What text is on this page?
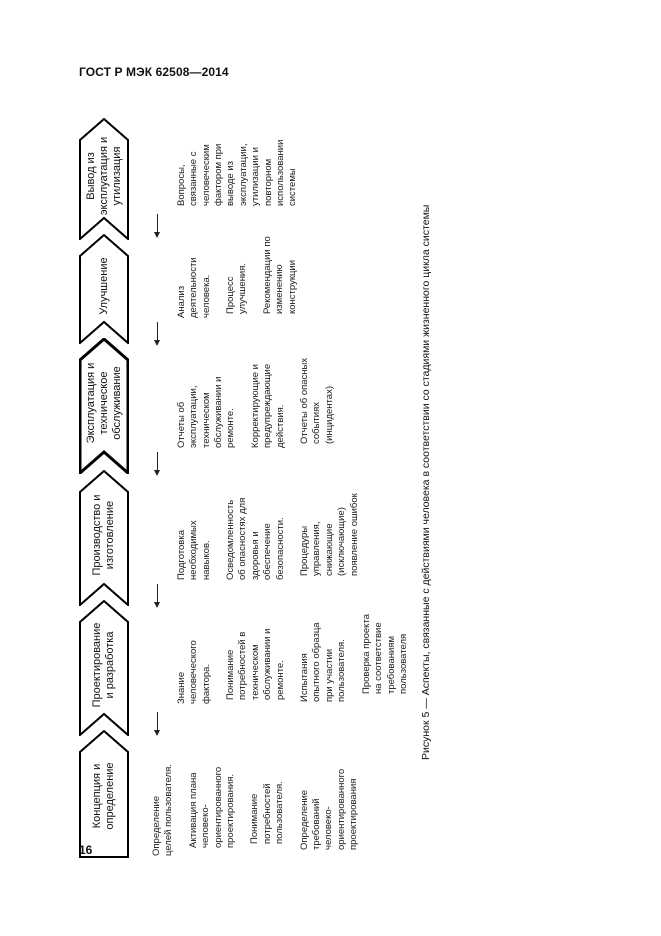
ГОСТ Р МЭК 62508—2014
Концепция и
определение	Определение
целей пользователя. Активация плана
человеко-
ориентированного
проектирования. Понимание
потребностей
пользователя. Определение
требований
человеко-
ориентированного
проектирования
Проектирование
и разработка	Знание
человеческого
фактора. Понимание
потребностей в
техническом
обслуживании и
ремонте. Испытания
опытного образца
при участии
пользователя. Проверка проекта
на соответствие
требованиям
пользователя
Производство и
изготовление	Подготовка
необходимых
навыков. Осведомленность
об опасностях для
здоровья и
обеспечение
безопасности. Процедуры
управления,
снижающие
(исключающие)
появление ошибок
Эксплуатация и
техническое
обслуживание	Отчеты об
эксплуатации,
техническом
обслуживании и
ремонте. Корректирующие и
предупреждающие
действия. Отчеты об опасных
событиях
(инцидентах)
Улучшение	Анализ
деятельности
человека. Процесс
улучшения. Рекомендации по
изменению
конструкции
Вывод из
эксплуатация и
утилизация	Вопросы,
связанные с
человеческим
фактором при
выводе из
эксплуатации,
утилизации и
повторном
использовании
системы

Рисунок 5 — Аспекты, связанные с действиями человека в соответствии со стадиями жизненного цикла системы
16
